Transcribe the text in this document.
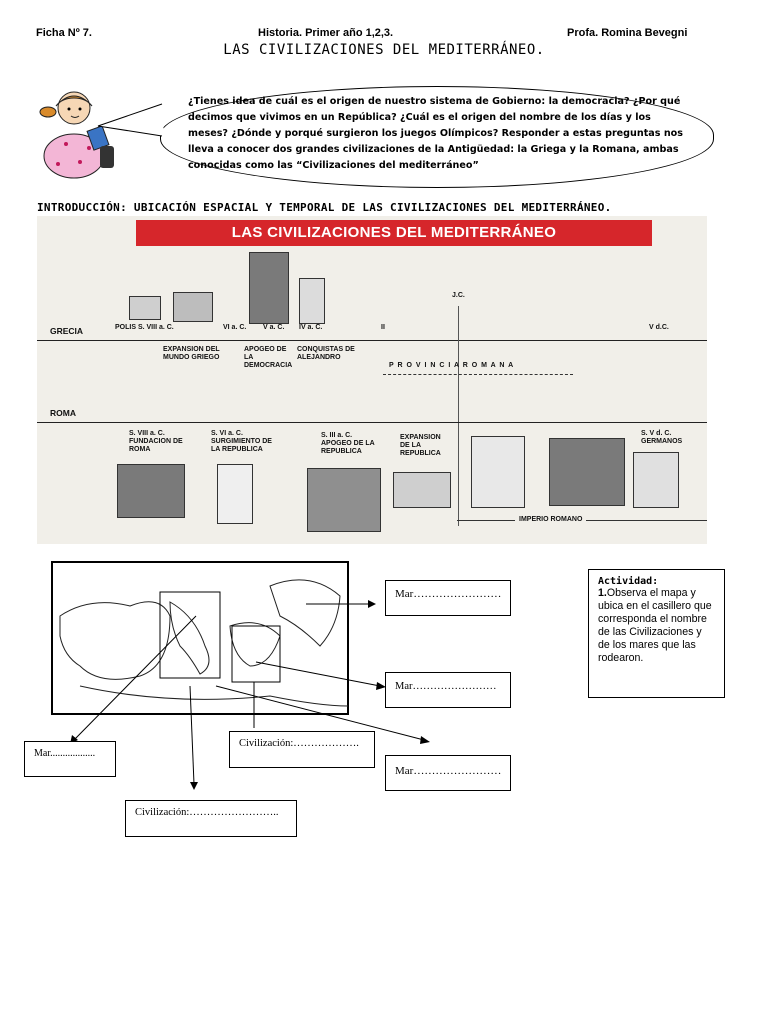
Ficha Nº 7.	Historia. Primer año 1,2,3.	Profa. Romina Bevegni
LAS CIVILIZACIONES DEL MEDITERRÁNEO.
¿Tienes idea de cuál es el origen de nuestro sistema de Gobierno: la democracia? ¿Por qué decimos que vivimos en un República? ¿Cuál es el origen del nombre de los días y los meses? ¿Dónde y porqué surgieron los juegos Olímpicos? Responder a estas preguntas nos lleva a conocer dos grandes civilizaciones de la Antigüedad: la Griega y la Romana, ambas conocidas como las “Civilizaciones del mediterráneo”
INTRODUCCIÓN: UBICACIÓN ESPACIAL Y TEMPORAL DE LAS CIVILIZACIONES DEL MEDITERRÁNEO.
LAS CIVILIZACIONES DEL MEDITERRÁNEO
GRECIA	POLIS S. VIII a. C.	VI a. C. V a. C. IV a. C.	II	V d.C.
J.C.
EXPANSION DEL MUNDO GRIEGO
APOGEO DE LA DEMOCRACIA
CONQUISTAS DE ALEJANDRO
P R O V I N C I A R O M A N A
ROMA
S. VIII a. C. FUNDACION DE ROMA
S. VI a. C. SURGIMIENTO DE LA REPUBLICA
S. III a. C. APOGEO DE LA REPUBLICA
EXPANSION DE LA REPUBLICA
S. V d. C. GERMANOS
IMPERIO ROMANO
Mar……………………
Mar……………………
Mar……………………
Mar..................
Civilización:……………….
Civilización:……………………..
Actividad:
1.Observa el mapa y ubica en el casillero que corresponda el nombre de las Civilizaciones y de los mares que las rodearon.
